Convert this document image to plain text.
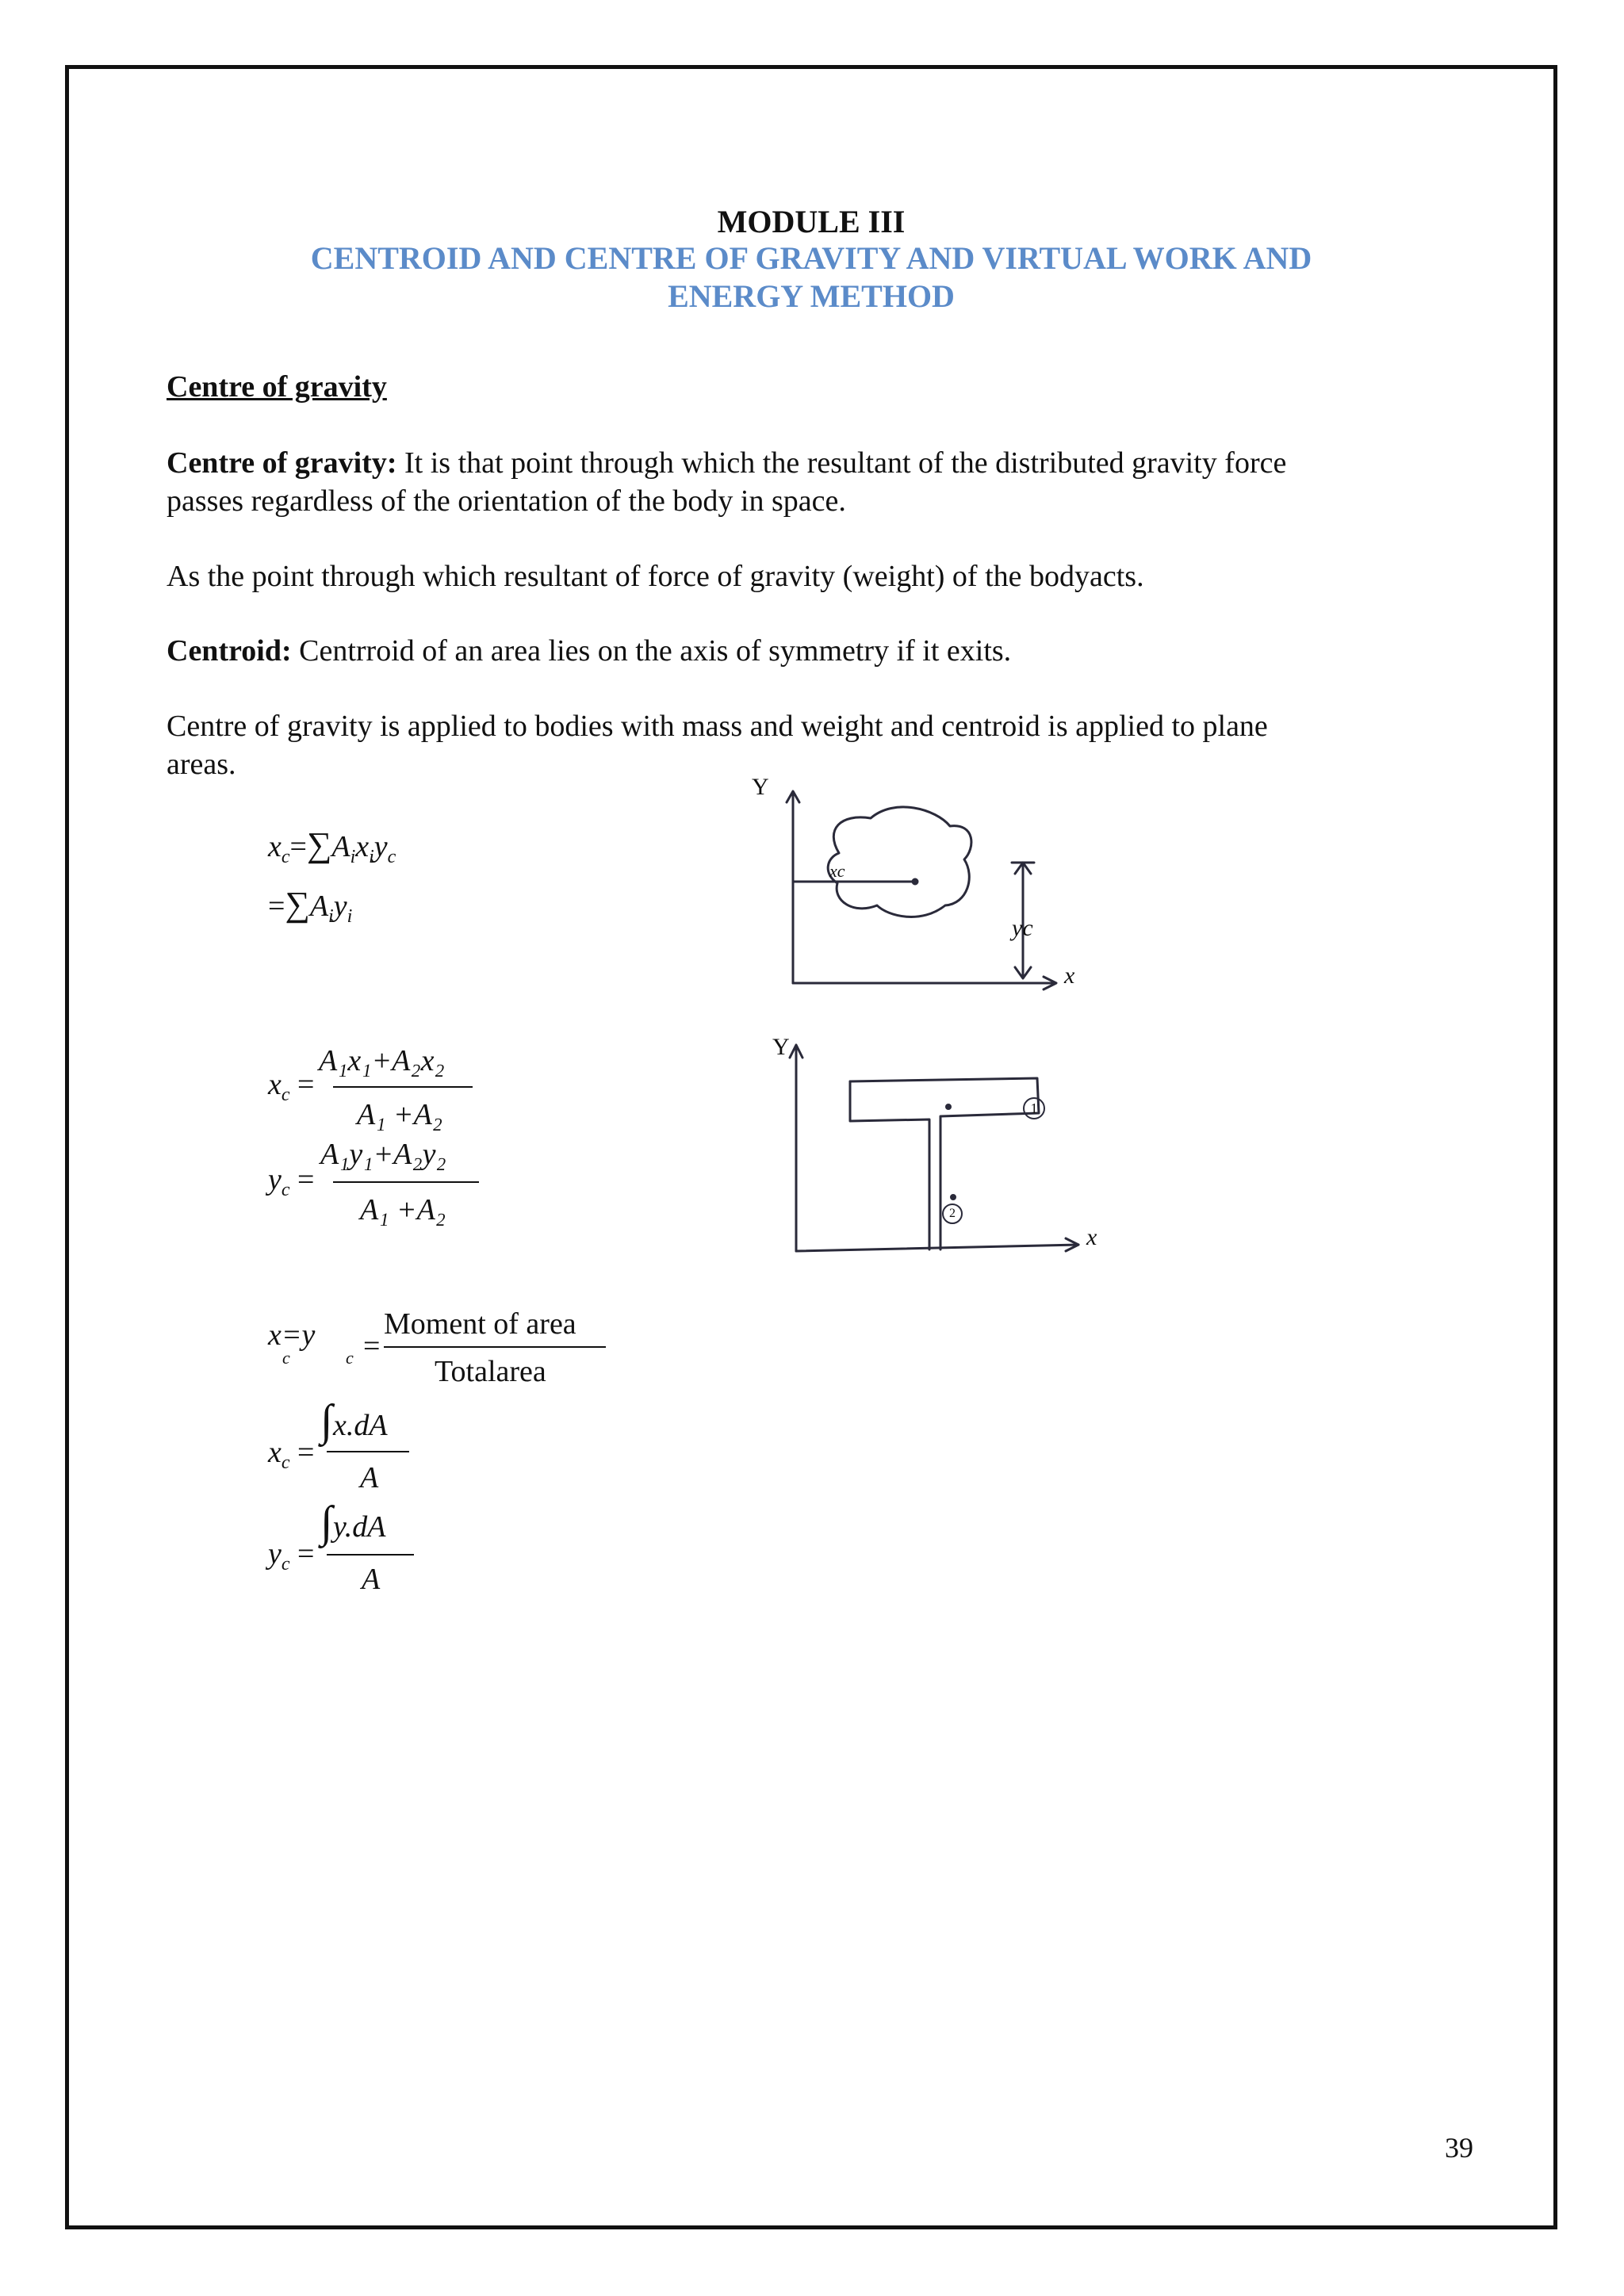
MODULE III
CENTROID AND CENTRE OF GRAVITY AND VIRTUAL WORK AND
ENERGY METHOD
Centre of gravity
Centre of gravity: It is that point through which the resultant of the distributed gravity force
passes regardless of the orientation of the body in space.
As the point through which resultant of force of gravity (weight) of the bodyacts.
Centroid: Centrroid of an area lies on the axis of symmetry if it exits.
Centre of gravity is applied to bodies with mass and weight and centroid is applied to plane
areas.
$x_c=\sum A_ix_iy_c$
$=\sum A_iy_i$
$x_c$ =
A₁x₁+A₂x₂
A₁ +A₂
$y_c$ =
A₁y₁+A₂y₂
A₁ +A₂
x=y
c	c =
Moment of area
Totalarea
$x_c$ =
∫ x.dA
A
$y_c$ =
∫ y.dA
A
Y
x
xc
yc
1
2
Y
x
39
